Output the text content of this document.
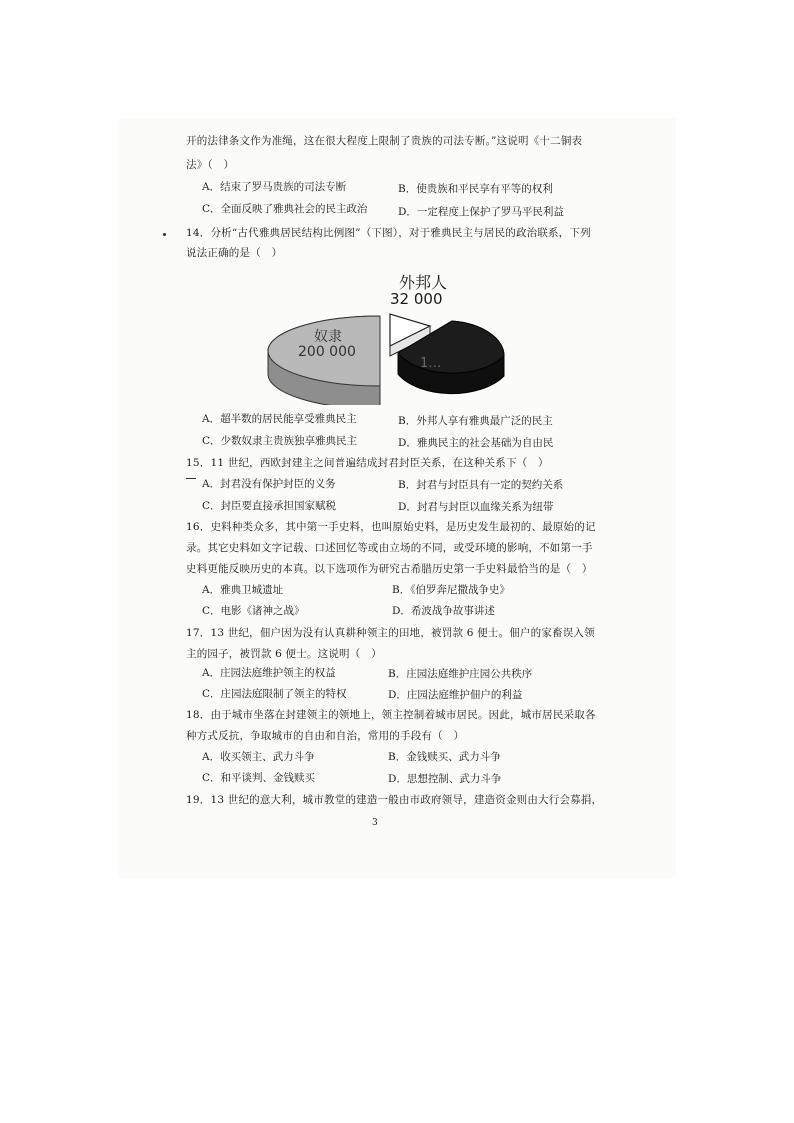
开的法律条文作为准绳，这在很大程度上限制了贵族的司法专断。”这说明《十二铜表
法》（　）
A．结束了罗马贵族的司法专断	B．使贵族和平民享有平等的权利
C．全面反映了雅典社会的民主政治	D．一定程度上保护了罗马平民利益
14．分析“古代雅典居民结构比例图”（下图），对于雅典民主与居民的政治联系，下列
说法正确的是（　）
外邦人
32 000
奴隶
200 000
1…
A．超半数的居民能享受雅典民主	B．外邦人享有雅典最广泛的民主
C．少数奴隶主贵族独享雅典民主	D．雅典民主的社会基础为自由民
15．11 世纪，西欧封建主之间普遍结成封君封臣关系，在这种关系下（　）
A．封君没有保护封臣的义务	B．封君与封臣具有一定的契约关系
C．封臣要直接承担国家赋税	D．封君与封臣以血缘关系为纽带
16．史料种类众多，其中第一手史料，也叫原始史料，是历史发生最初的、最原始的记
录。其它史料如文字记载、口述回忆等或由立场的不同，或受环境的影响，不如第一手
史料更能反映历史的本真。以下选项作为研究古希腊历史第一手史料最恰当的是（　）
A．雅典卫城遗址	B．《伯罗奔尼撒战争史》
C．电影《诸神之战》	D．希波战争故事讲述
17．13 世纪，佃户因为没有认真耕种领主的田地，被罚款 6 便士。佃户的家畜误入领
主的园子，被罚款 6 便士。这说明（　）
A．庄园法庭维护领主的权益	B．庄园法庭维护庄园公共秩序
C．庄园法庭限制了领主的特权	D．庄园法庭维护佃户的利益
18．由于城市坐落在封建领主的领地上，领主控制着城市居民。因此，城市居民采取各
种方式反抗，争取城市的自由和自治，常用的手段有（　）
A．收买领主、武力斗争	B．金钱赎买、武力斗争
C．和平谈判、金钱赎买	D．思想控制、武力斗争
19．13 世纪的意大利，城市教堂的建造一般由市政府领导，建造资金则由大行会募捐，
3
